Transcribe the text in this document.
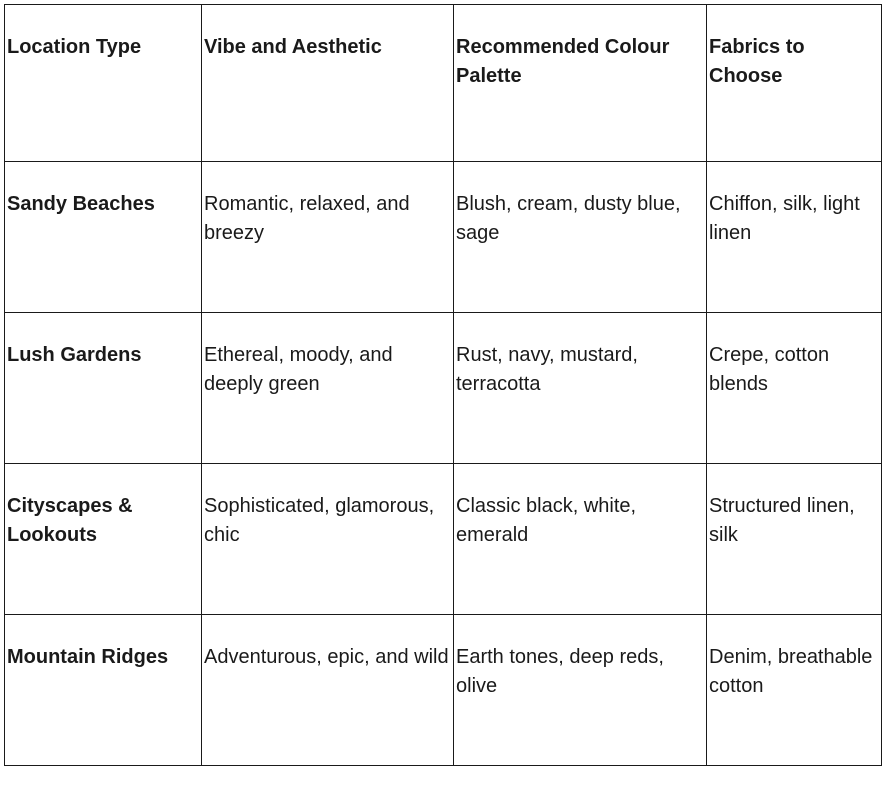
Location Type	Vibe and Aesthetic	Recommended Colour Palette	Fabrics to Choose
Sandy Beaches	Romantic, relaxed, and breezy	Blush, cream, dusty blue, sage	Chiffon, silk, light linen
Lush Gardens	Ethereal, moody, and deeply green	Rust, navy, mustard, terracotta	Crepe, cotton blends
Cityscapes & Lookouts	Sophisticated, glamorous, chic	Classic black, white, emerald	Structured linen, silk
Mountain Ridges	Adventurous, epic, and wild	Earth tones, deep reds, olive	Denim, breathable cotton
